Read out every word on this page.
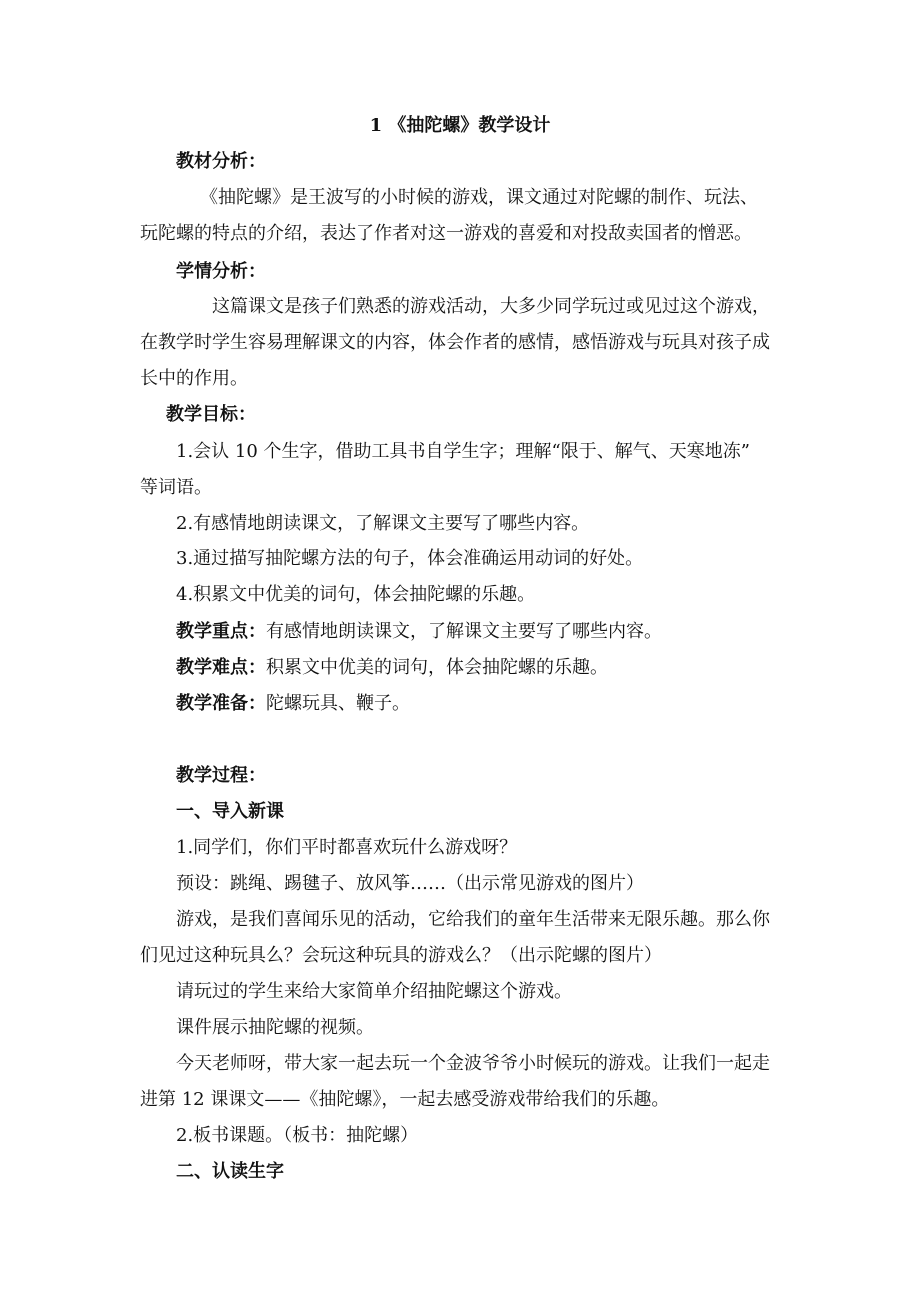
1 《抽陀螺》教学设计

教材分析：

《抽陀螺》是王波写的小时候的游戏，课文通过对陀螺的制作、玩法、

玩陀螺的特点的介绍，表达了作者对这一游戏的喜爱和对投敌卖国者的憎恶。

学情分析：

这篇课文是孩子们熟悉的游戏活动，大多少同学玩过或见过这个游戏，

在教学时学生容易理解课文的内容，体会作者的感情，感悟游戏与玩具对孩子成

长中的作用。

教学目标：

1.会认 10 个生字，借助工具书自学生字；理解“限于、解气、天寒地冻”

等词语。

2.有感情地朗读课文，了解课文主要写了哪些内容。

3.通过描写抽陀螺方法的句子，体会准确运用动词的好处。

4.积累文中优美的词句，体会抽陀螺的乐趣。

教学重点：有感情地朗读课文，了解课文主要写了哪些内容。

教学难点：积累文中优美的词句，体会抽陀螺的乐趣。

教学准备：陀螺玩具、鞭子。

教学过程：

一、导入新课

1.同学们，你们平时都喜欢玩什么游戏呀？

预设：跳绳、踢毽子、放风筝……（出示常见游戏的图片）

游戏，是我们喜闻乐见的活动，它给我们的童年生活带来无限乐趣。那么你

们见过这种玩具么？会玩这种玩具的游戏么？（出示陀螺的图片）

请玩过的学生来给大家简单介绍抽陀螺这个游戏。

课件展示抽陀螺的视频。

今天老师呀，带大家一起去玩一个金波爷爷小时候玩的游戏。让我们一起走

进第 12 课课文——《抽陀螺》，一起去感受游戏带给我们的乐趣。

2.板书课题。（板书：抽陀螺）

二、认读生字
